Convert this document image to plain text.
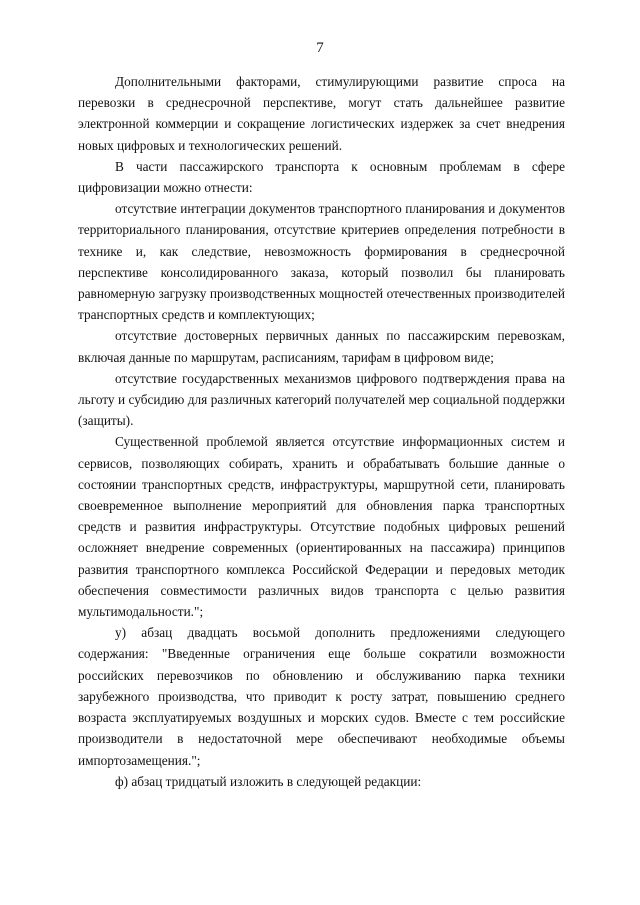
7

Дополнительными факторами, стимулирующими развитие спроса на перевозки в среднесрочной перспективе, могут стать дальнейшее развитие электронной коммерции и сокращение логистических издержек за счет внедрения новых цифровых и технологических решений.

В части пассажирского транспорта к основным проблемам в сфере цифровизации можно отнести:

отсутствие интеграции документов транспортного планирования и документов территориального планирования, отсутствие критериев определения потребности в технике и, как следствие, невозможность формирования в среднесрочной перспективе консолидированного заказа, который позволил бы планировать равномерную загрузку производственных мощностей отечественных производителей транспортных средств и комплектующих;

отсутствие достоверных первичных данных по пассажирским перевозкам, включая данные по маршрутам, расписаниям, тарифам в цифровом виде;

отсутствие государственных механизмов цифрового подтверждения права на льготу и субсидию для различных категорий получателей мер социальной поддержки (защиты).

Существенной проблемой является отсутствие информационных систем и сервисов, позволяющих собирать, хранить и обрабатывать большие данные о состоянии транспортных средств, инфраструктуры, маршрутной сети, планировать своевременное выполнение мероприятий для обновления парка транспортных средств и развития инфраструктуры. Отсутствие подобных цифровых решений осложняет внедрение современных (ориентированных на пассажира) принципов развития транспортного комплекса Российской Федерации и передовых методик обеспечения совместимости различных видов транспорта с целью развития мультимодальности.";

у) абзац двадцать восьмой дополнить предложениями следующего содержания: "Введенные ограничения еще больше сократили возможности российских перевозчиков по обновлению и обслуживанию парка техники зарубежного производства, что приводит к росту затрат, повышению среднего возраста эксплуатируемых воздушных и морских судов. Вместе с тем российские производители в недостаточной мере обеспечивают необходимые объемы импортозамещения.";

ф) абзац тридцатый изложить в следующей редакции:
